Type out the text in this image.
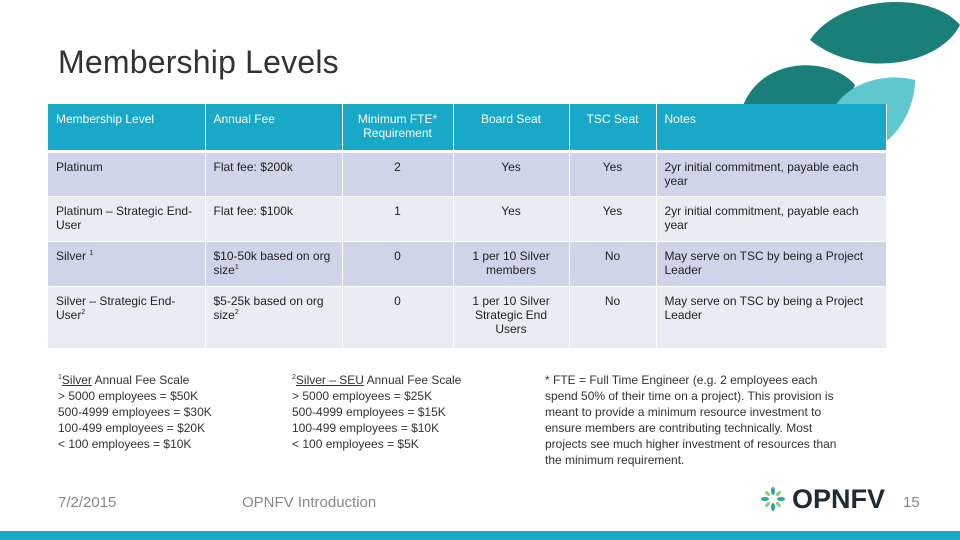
Membership Levels
Membership Level	Annual Fee	Minimum FTE* Requirement	Board Seat	TSC Seat	Notes
Platinum	Flat fee: $200k	2	Yes	Yes	2yr initial commitment, payable each year
Platinum – Strategic End-User	Flat fee: $100k	1	Yes	Yes	2yr initial commitment, payable each year
Silver $^1$	$10-50k based on org size$^1$	0	1 per 10 Silver members	No	May serve on TSC by being a Project Leader
Silver – Strategic End-User$^2$	$5-25k based on org size$^2$	0	1 per 10 Silver Strategic End Users	No	May serve on TSC by being a Project Leader
$^1$Silver Annual Fee Scale
> 5000 employees = $50K
500-4999 employees = $30K
100-499 employees = $20K
< 100 employees = $10K
$^2$Silver – SEU Annual Fee Scale
> 5000 employees = $25K
500-4999 employees = $15K
100-499 employees = $10K
< 100 employees = $5K
* FTE = Full Time Engineer (e.g. 2 employees each spend 50% of their time on a project). This provision is meant to provide a minimum resource investment to ensure members are contributing technically. Most projects see much higher investment of resources than the minimum requirement.
7/2/2015	OPNFV Introduction	OPNFV 15
